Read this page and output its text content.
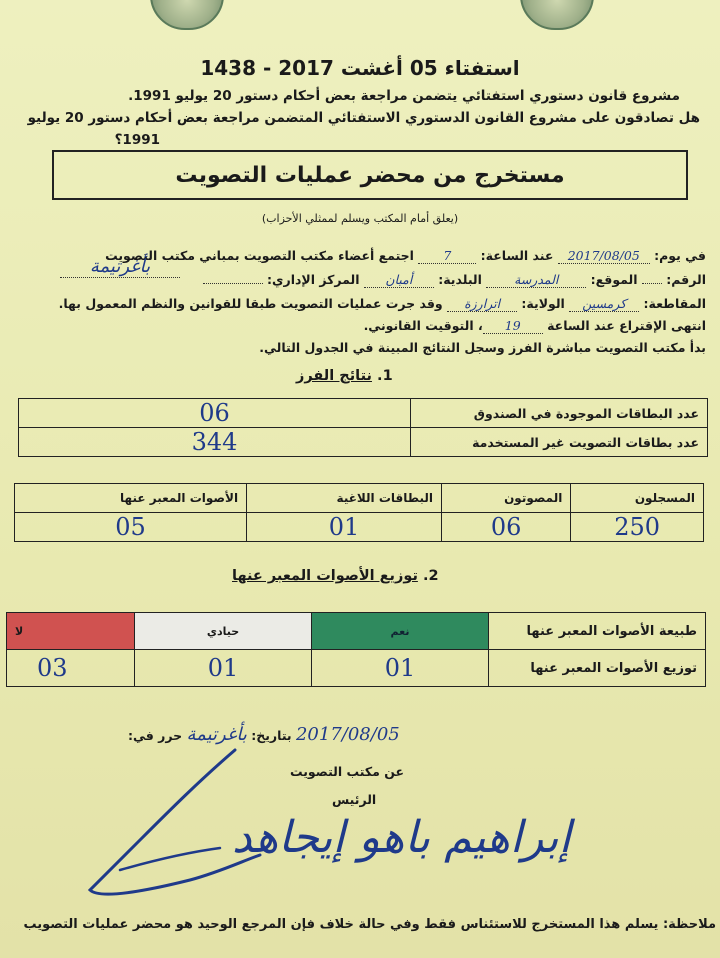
استفتاء 05 أغشت 2017 - 1438
مشروع قانون دستوري استفتائي يتضمن مراجعة بعض أحكام دستور 20 يوليو 1991.
هل تصادقون على مشروع القانون الدستوري الاستفتائي المتضمن مراجعة بعض أحكام دستور 20 يوليو
1991؟
مستخرج من محضر عمليات التصويت
(يعلق أمام المكتب ويسلم لممثلي الأحزاب)
في يوم: 2017/08/05 عند الساعة: 7 اجتمع أعضاء مكتب التصويت بمباني مكتب التصويت
بأغرتيمة
الرقم:  الموقع: المدرسة البلدية: أمبان المركز الإداري:
المقاطعة: كرمسين الولاية: اترارزة وقد جرت عمليات التصويت طبقا للقوانين والنظم المعمول بها.
انتهى الإقتراع عند الساعة 19، التوقيت القانوني.
بدأ مكتب التصويت مباشرة الفرز وسجل النتائج المبينة في الجدول التالي.
1. نتائج الفرز
عدد البطاقات الموجودة في الصندوق	06
عدد بطاقات التصويت غير المستخدمة	344
المسجلون	المصوتون	البطاقات اللاغية	الأصوات المعبر عنها
250	06	01	05
2. توزيع الأصوات المعبر عنها
طبيعة الأصوات المعبر عنها	نعم	حيادي	لا
توزيع الأصوات المعبر عنها	01	01	03
2017/08/05 بتاريخ: بأغرتيمة حرر في:
عن مكتب التصويت
الرئيس
إبراهيم باهو إيجاهد
ملاحظة: يسلم هذا المستخرج للاستئناس فقط وفي حالة خلاف فإن المرجع الوحيد هو محضر عمليات التصويب
